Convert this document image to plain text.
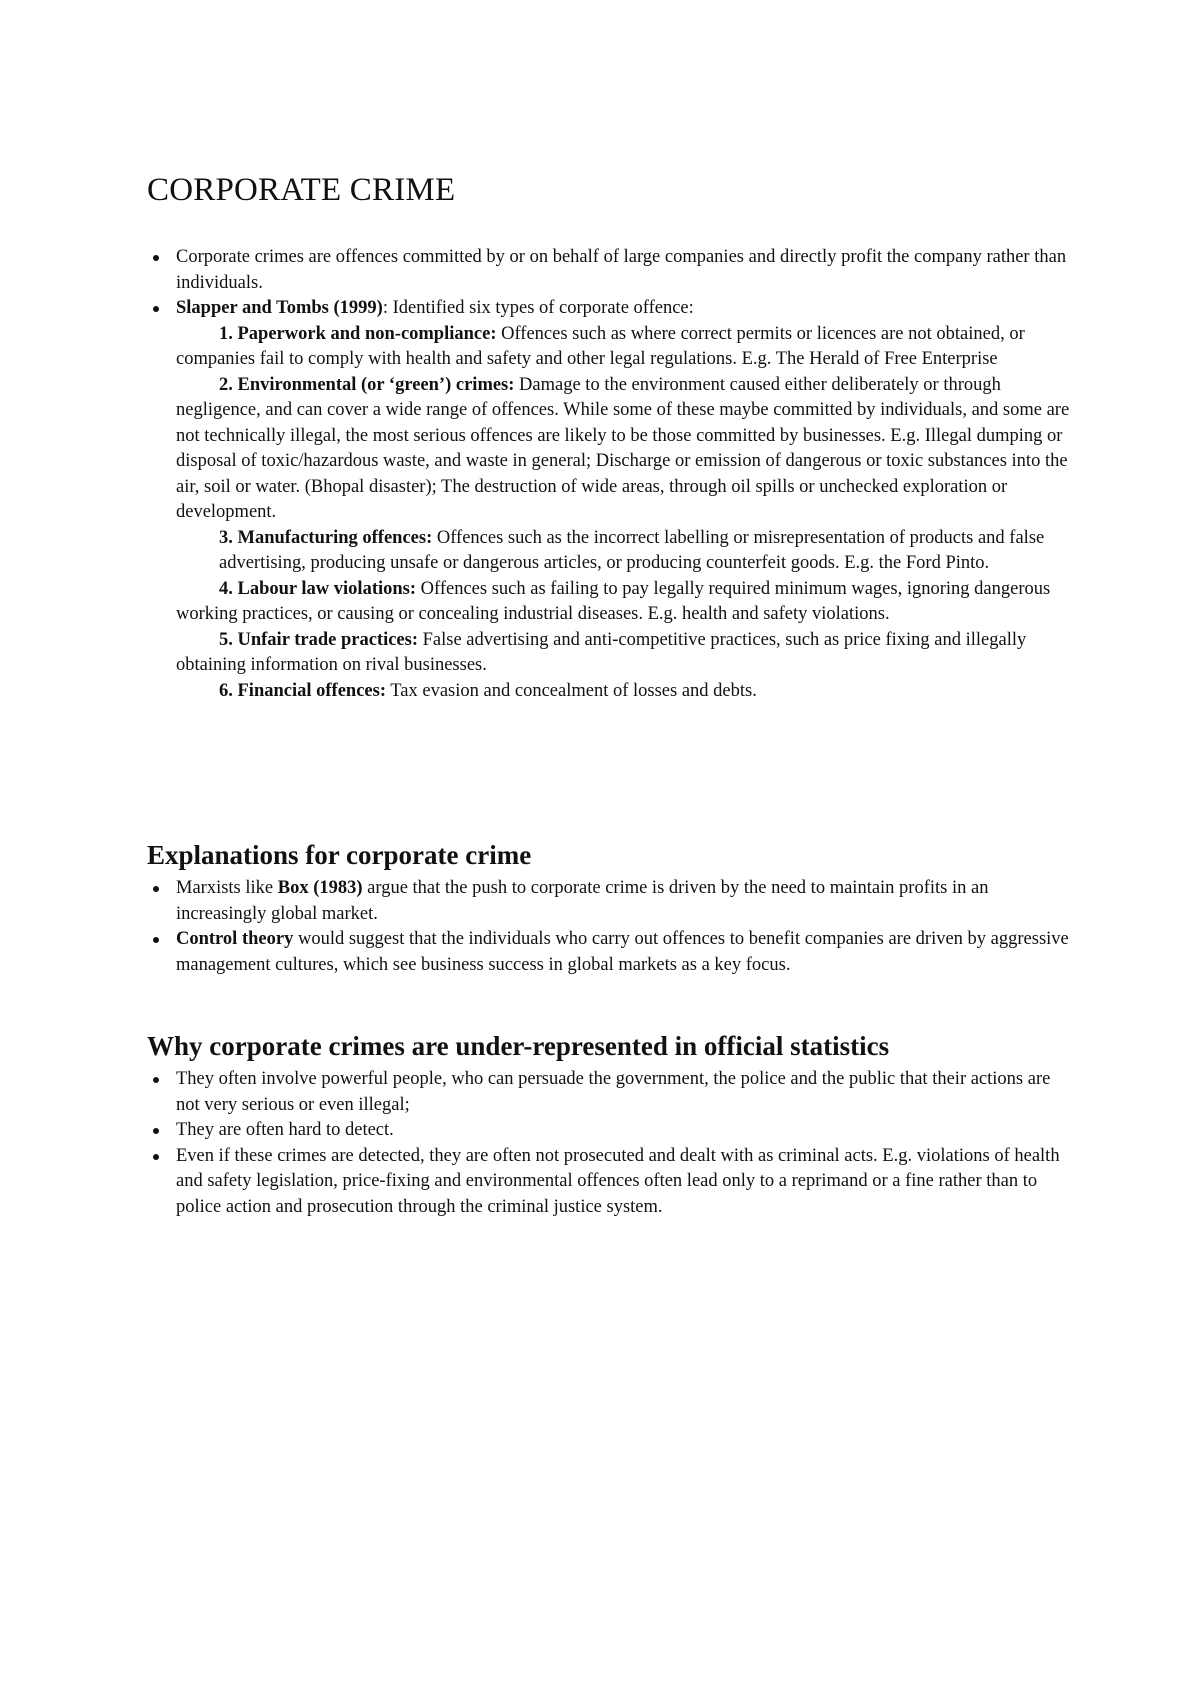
CORPORATE CRIME
Corporate crimes are offences committed by or on behalf of large companies and directly profit the company rather than individuals.
Slapper and Tombs (1999): Identified six types of corporate offence:
1. Paperwork and non-compliance: Offences such as where correct permits or licences are not obtained, or companies fail to comply with health and safety and other legal regulations. E.g. The Herald of Free Enterprise
2. Environmental (or ‘green’) crimes: Damage to the environment caused either deliberately or through negligence, and can cover a wide range of offences. While some of these maybe committed by individuals, and some are not technically illegal, the most serious offences are likely to be those committed by businesses. E.g. Illegal dumping or disposal of toxic/hazardous waste, and waste in general; Discharge or emission of dangerous or toxic substances into the air, soil or water. (Bhopal disaster); The destruction of wide areas, through oil spills or unchecked exploration or development.
3. Manufacturing offences: Offences such as the incorrect labelling or misrepresentation of products and false advertising, producing unsafe or dangerous articles, or producing counterfeit goods. E.g. the Ford Pinto.
4. Labour law violations: Offences such as failing to pay legally required minimum wages, ignoring dangerous working practices, or causing or concealing industrial diseases. E.g. health and safety violations.
5. Unfair trade practices: False advertising and anti-competitive practices, such as price fixing and illegally obtaining information on rival businesses.
6. Financial offences: Tax evasion and concealment of losses and debts.
Explanations for corporate crime
Marxists like Box (1983) argue that the push to corporate crime is driven by the need to maintain profits in an increasingly global market.
Control theory would suggest that the individuals who carry out offences to benefit companies are driven by aggressive management cultures, which see business success in global markets as a key focus.
Why corporate crimes are under-represented in official statistics
They often involve powerful people, who can persuade the government, the police and the public that their actions are not very serious or even illegal;
They are often hard to detect.
Even if these crimes are detected, they are often not prosecuted and dealt with as criminal acts. E.g. violations of health and safety legislation, price-fixing and environmental offences often lead only to a reprimand or a fine rather than to police action and prosecution through the criminal justice system.
